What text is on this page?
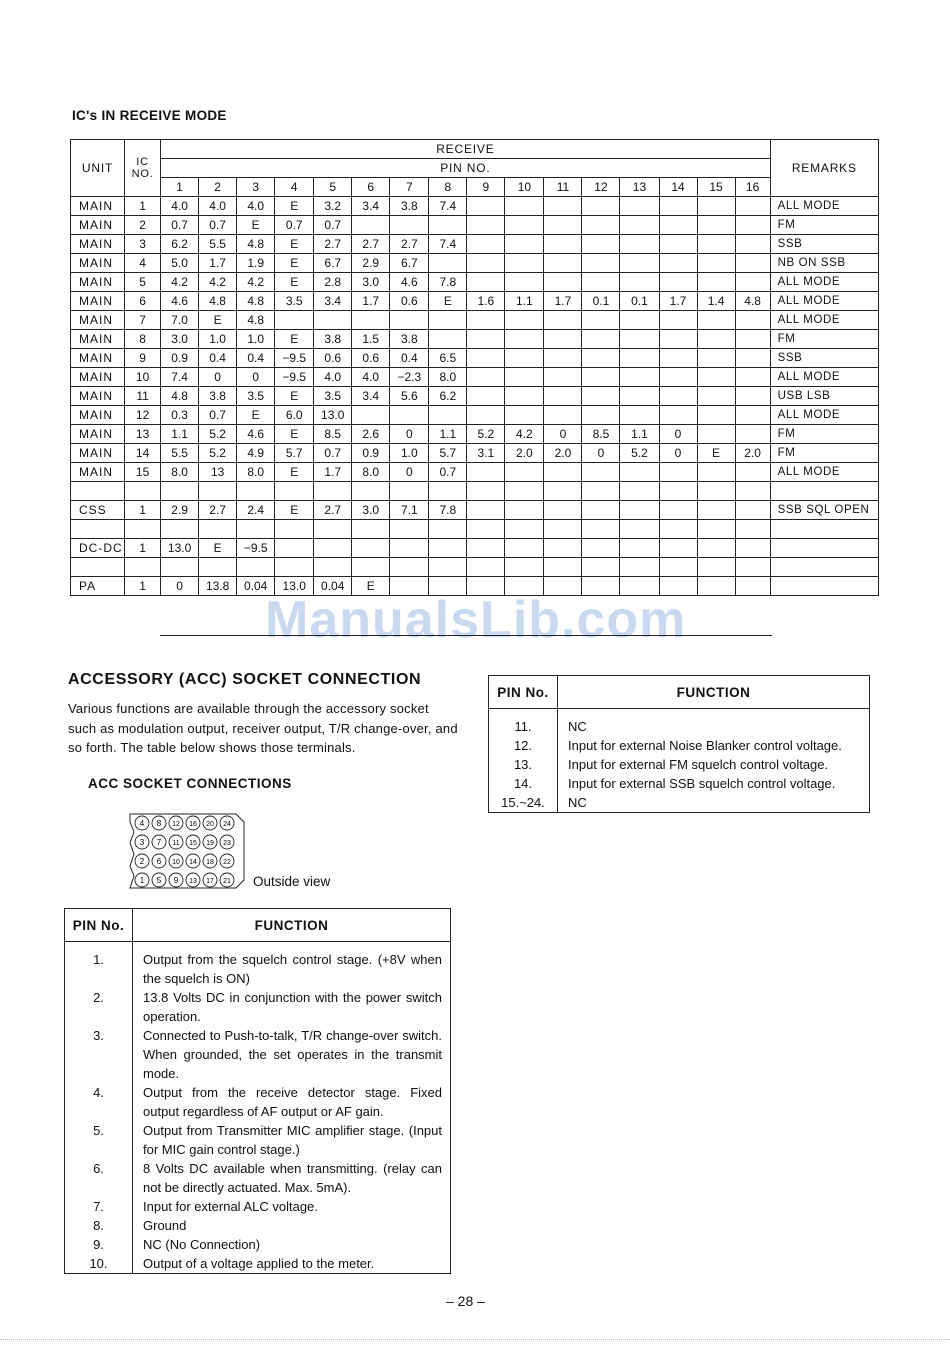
IC's IN RECEIVE MODE
UNIT	IC NO.	RECEIVE																REMARKS
		PIN NO.																
		1	2	3	4	5	6	7	8	9	10	11	12	13	14	15	16	
MAIN	1	4.0	4.0	4.0	E	3.2	3.4	3.8	7.4									ALL MODE
MAIN	2	0.7	0.7	E	0.7	0.7												FM
MAIN	3	6.2	5.5	4.8	E	2.7	2.7	2.7	7.4									SSB
MAIN	4	5.0	1.7	1.9	E	6.7	2.9	6.7										NB ON SSB
MAIN	5	4.2	4.2	4.2	E	2.8	3.0	4.6	7.8									ALL MODE
MAIN	6	4.6	4.8	4.8	3.5	3.4	1.7	0.6	E	1.6	1.1	1.7	0.1	0.1	1.7	1.4	4.8	ALL MODE
MAIN	7	7.0	E	4.8														ALL MODE
MAIN	8	3.0	1.0	1.0	E	3.8	1.5	3.8										FM
MAIN	9	0.9	0.4	0.4	−9.5	0.6	0.6	0.4	6.5									SSB
MAIN	10	7.4	0	0	−9.5	4.0	4.0	−2.3	8.0									ALL MODE
MAIN	11	4.8	3.8	3.5	E	3.5	3.4	5.6	6.2									USB LSB
MAIN	12	0.3	0.7	E	6.0	13.0												ALL MODE
MAIN	13	1.1	5.2	4.6	E	8.5	2.6	0	1.1	5.2	4.2	0	8.5	1.1	0			FM
MAIN	14	5.5	5.2	4.9	5.7	0.7	0.9	1.0	5.7	3.1	2.0	2.0	0	5.2	0	E	2.0	FM
MAIN	15	8.0	13	8.0	E	1.7	8.0	0	0.7									ALL MODE

CSS	1	2.9	2.7	2.4	E	2.7	3.0	7.1	7.8									SSB SQL OPEN

DC-DC	1	13.0	E	−9.5														

PA	1	0	13.8	0.04	13.0	0.04	E											
ManualsLib.com
ACCESSORY (ACC) SOCKET CONNECTION
Various functions are available through the accessory socket such as modulation output, receiver output, T/R change-over, and so forth. The table below shows those terminals.
ACC SOCKET CONNECTIONS
4 8 12 16 20 24
3 7 11 15 19 23
2 6 10 14 18 22
1 5 9 13 17 21 Outside view
PIN No.	FUNCTION
1.	Output from the squelch control stage. (+8V when the squelch is ON)
2.	13.8 Volts DC in conjunction with the power switch operation.
3.	Connected to Push-to-talk, T/R change-over switch. When grounded, the set operates in the transmit mode.
4.	Output from the receive detector stage. Fixed output regardless of AF output or AF gain.
5.	Output from Transmitter MIC amplifier stage. (Input for MIC gain control stage.)
6.	8 Volts DC available when transmitting. (relay can not be directly actuated. Max. 5mA).
7.	Input for external ALC voltage.
8.	Ground
9.	NC (No Connection)
10.	Output of a voltage applied to the meter.
PIN No.	FUNCTION
11.	NC
12.	Input for external Noise Blanker control voltage.
13.	Input for external FM squelch control voltage.
14.	Input for external SSB squelch control voltage.
15.~24.	NC
– 28 –
